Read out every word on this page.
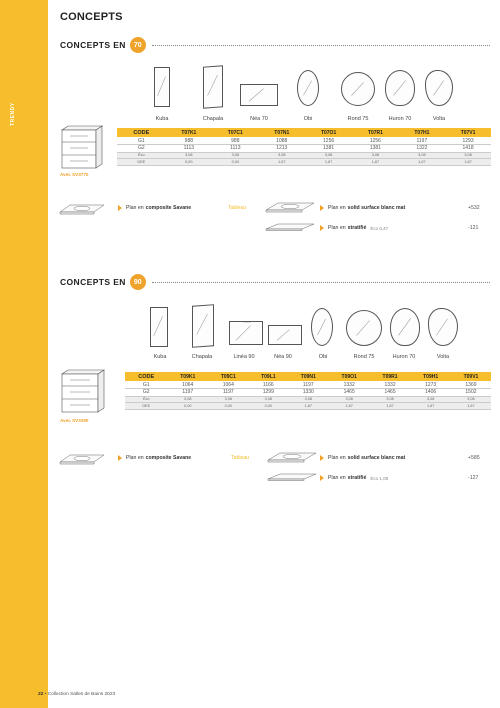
TRENDY
CONCEPTS
CONCEPTS EN	70
Kuba	Chapala	Néa 70	Obi	Rond 75	Huron 70	Volta
Avec SV3770
CODE	T07K1	T07C1	T07N1	T07O1	T07R1	T07H1	T07V1
G1	988	988	1088	1256	1256	1197	1293
G2	1113	1113	1213	1381	1381	1322	1418
Éco	3,08	3,08	3,08	3,08	3,08	3,08	3,08
DEE	0,00	0,00	1,67	1,67	1,67	1,67	1,67
Plan en composite Savane	Tableau	Plan en solid surface blanc mat	+532
Plan en stratifié Éco 0,47	-121
CONCEPTS EN	90
Kuba	Chapala	Linéa 90	Néa 90	Obi	Rond 75	Huron 70	Volta
Avec SV3390
CODE	T09K1	T09C1	T09L1	T09N1	T09O1	T09R1	T09H1	T09V1
G1	1064	1064	1166	1197	1332	1332	1273	1369
G2	1197	1197	1299	1330	1465	1465	1406	1502
Éco	3,08	3,08	3,08	3,08	3,08	3,08	3,08	3,08
DEE	0,00	0,00	0,00	1,67	1,67	1,67	1,67	1,67
Plan en composite Savane	Tableau	Plan en solid surface blanc mat	+585
Plan en stratifié Éco 1,08	-127
22 • Collection Salles de Bains 2023
